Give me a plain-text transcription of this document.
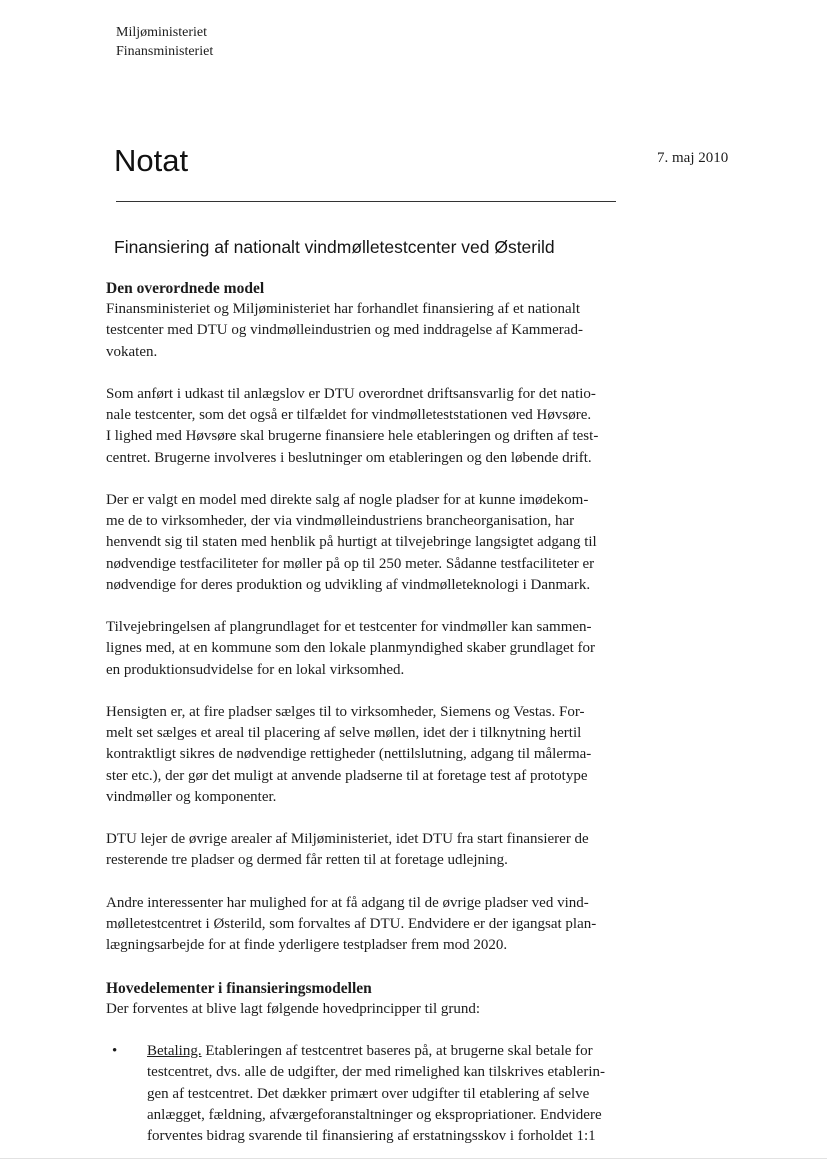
Miljøministeriet
Finansministeriet
Notat	7. maj 2010
Finansiering af nationalt vindmølletestcenter ved Østerild
Den overordnede model

Finansministeriet og Miljøministeriet har forhandlet finansiering af et nationalt
testcenter med DTU og vindmølleindustrien og med inddragelse af Kammerad-
vokaten.

Som anført i udkast til anlægslov er DTU overordnet driftsansvarlig for det natio-
nale testcenter, som det også er tilfældet for vindmølleteststationen ved Høvsøre.
I lighed med Høvsøre skal brugerne finansiere hele etableringen og driften af test-
centret. Brugerne involveres i beslutninger om etableringen og den løbende drift.

Der er valgt en model med direkte salg af nogle pladser for at kunne imødekom-
me de to virksomheder, der via vindmølleindustriens brancheorganisation, har
henvendt sig til staten med henblik på hurtigt at tilvejebringe langsigtet adgang til
nødvendige testfaciliteter for møller på op til 250 meter. Sådanne testfaciliteter er
nødvendige for deres produktion og udvikling af vindmølleteknologi i Danmark.

Tilvejebringelsen af plangrundlaget for et testcenter for vindmøller kan sammen-
lignes med, at en kommune som den lokale planmyndighed skaber grundlaget for
en produktionsudvidelse for en lokal virksomhed.

Hensigten er, at fire pladser sælges til to virksomheder, Siemens og Vestas. For-
melt set sælges et areal til placering af selve møllen, idet der i tilknytning hertil
kontraktligt sikres de nødvendige rettigheder (nettilslutning, adgang til målerma-
ster etc.), der gør det muligt at anvende pladserne til at foretage test af prototype
vindmøller og komponenter.

DTU lejer de øvrige arealer af Miljøministeriet, idet DTU fra start finansierer de
resterende tre pladser og dermed får retten til at foretage udlejning.

Andre interessenter har mulighed for at få adgang til de øvrige pladser ved vind-
mølletestcentret i Østerild, som forvaltes af DTU. Endvidere er der igangsat plan-
lægningsarbejde for at finde yderligere testpladser frem mod 2020.

Hovedelementer i finansieringsmodellen

Der forventes at blive lagt følgende hovedprincipper til grund:

• Betaling. Etableringen af testcentret baseres på, at brugerne skal betale for
testcentret, dvs. alle de udgifter, der med rimelighed kan tilskrives etablerin-
gen af testcentret. Det dækker primært over udgifter til etablering af selve
anlægget, fældning, afværgeforanstaltninger og ekspropriationer. Endvidere
forventes bidrag svarende til finansiering af erstatningsskov i forholdet 1:1
